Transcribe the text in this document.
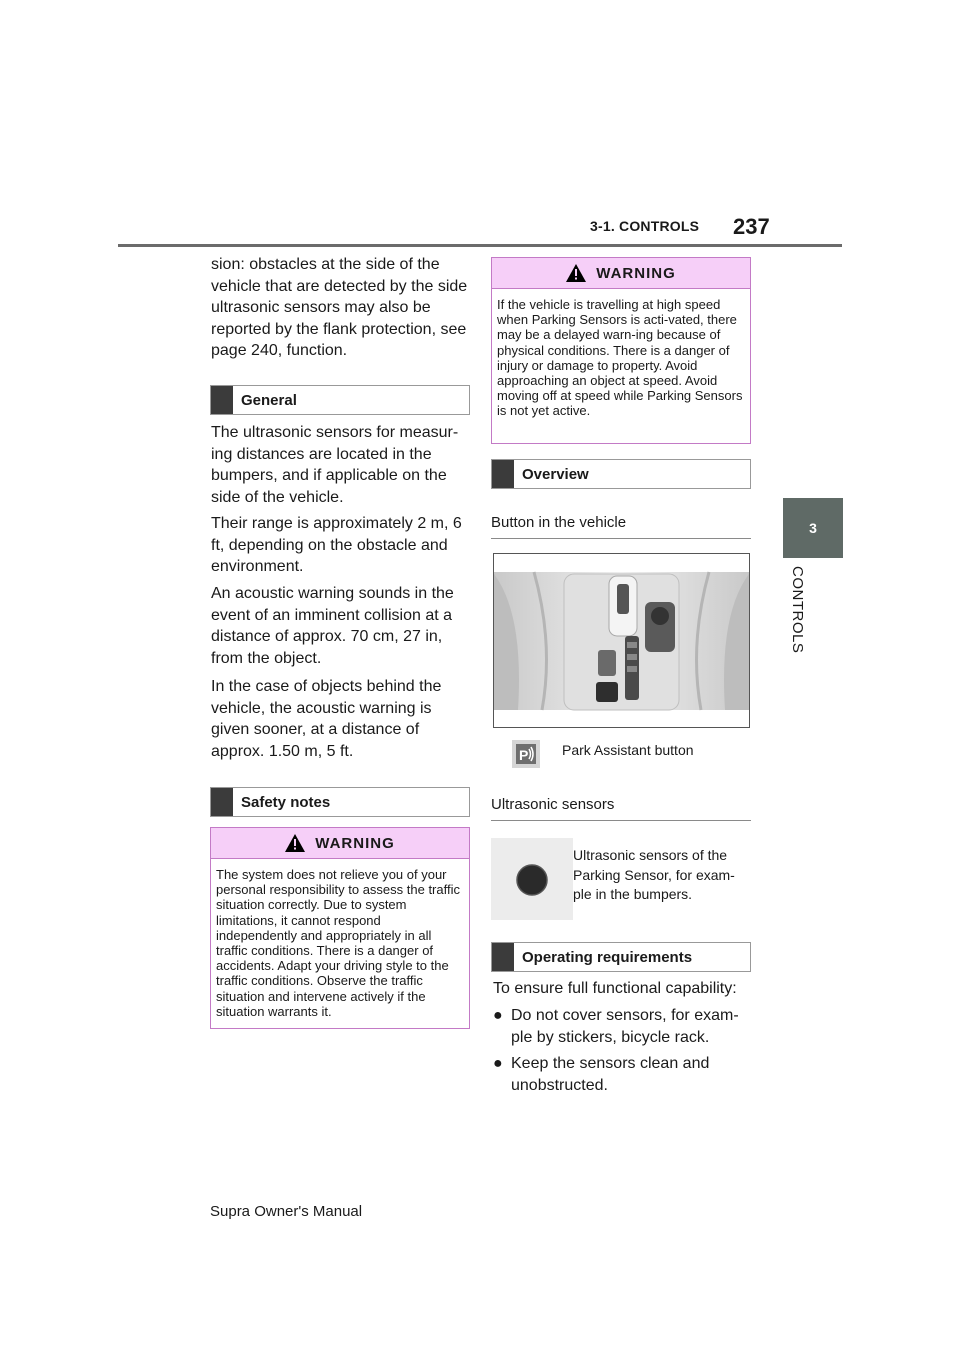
3-1. CONTROLS 237
3
CONTROLS
sion: obstacles at the side of the vehicle that are detected by the side ultrasonic sensors may also be reported by the flank protection, see page 240, function.
General
The ultrasonic sensors for measur-ing distances are located in the bumpers, and if applicable on the side of the vehicle.
Their range is approximately 2 m, 6 ft, depending on the obstacle and environment.
An acoustic warning sounds in the event of an imminent collision at a distance of approx. 70 cm, 27 in, from the object.
In the case of objects behind the vehicle, the acoustic warning is given sooner, at a distance of approx. 1.50 m, 5 ft.
Safety notes
WARNING
The system does not relieve you of your personal responsibility to assess the traffic situation correctly. Due to system limitations, it cannot respond independently and appropriately in all traffic conditions. There is a danger of accidents. Adapt your driving style to the traffic conditions. Observe the traffic situation and intervene actively if the situation warrants it.
WARNING
If the vehicle is travelling at high speed when Parking Sensors is acti-vated, there may be a delayed warn-ing because of physical conditions. There is a danger of injury or damage to property. Avoid approaching an object at speed. Avoid moving off at speed while Parking Sensors is not yet active.
Overview
Button in the vehicle
P Park Assistant button
Ultrasonic sensors
Ultrasonic sensors of the Parking Sensor, for exam-ple in the bumpers.
Operating requirements
To ensure full functional capability:
● Do not cover sensors, for exam-ple by stickers, bicycle rack.
● Keep the sensors clean and unobstructed.
Supra Owner's Manual
